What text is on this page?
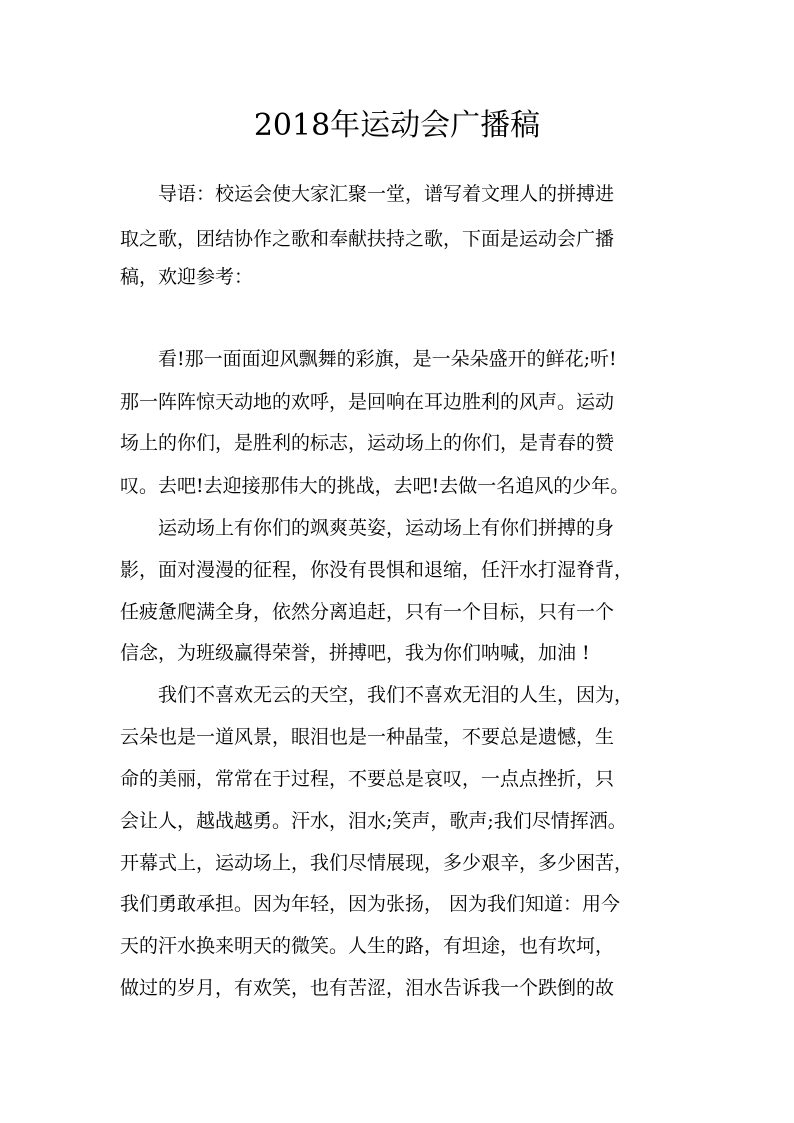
2018年运动会广播稿
导语：校运会使大家汇聚一堂，谱写着文理人的拼搏进
取之歌，团结协作之歌和奉献扶持之歌，下面是运动会广播
稿，欢迎参考：
看!那一面面迎风飘舞的彩旗，是一朵朵盛开的鲜花;听!
那一阵阵惊天动地的欢呼，是回响在耳边胜利的风声。运动
场上的你们，是胜利的标志，运动场上的你们，是青春的赞
叹。去吧!去迎接那伟大的挑战，去吧!去做一名追风的少年。
运动场上有你们的飒爽英姿，运动场上有你们拼搏的身
影，面对漫漫的征程，你没有畏惧和退缩，任汗水打湿脊背，
任疲惫爬满全身，依然分离追赶，只有一个目标，只有一个
信念，为班级赢得荣誉，拼搏吧，我为你们呐喊，加油 !
我们不喜欢无云的天空，我们不喜欢无泪的人生，因为，
云朵也是一道风景，眼泪也是一种晶莹，不要总是遗憾，生
命的美丽，常常在于过程，不要总是哀叹，一点点挫折，只
会让人，越战越勇。汗水，泪水;笑声，歌声;我们尽情挥洒。
开幕式上，运动场上，我们尽情展现，多少艰辛，多少困苦，
我们勇敢承担。因为年轻，因为张扬， 因为我们知道：用今
天的汗水换来明天的微笑。人生的路，有坦途，也有坎坷，
做过的岁月，有欢笑，也有苦涩，泪水告诉我一个跌倒的故
